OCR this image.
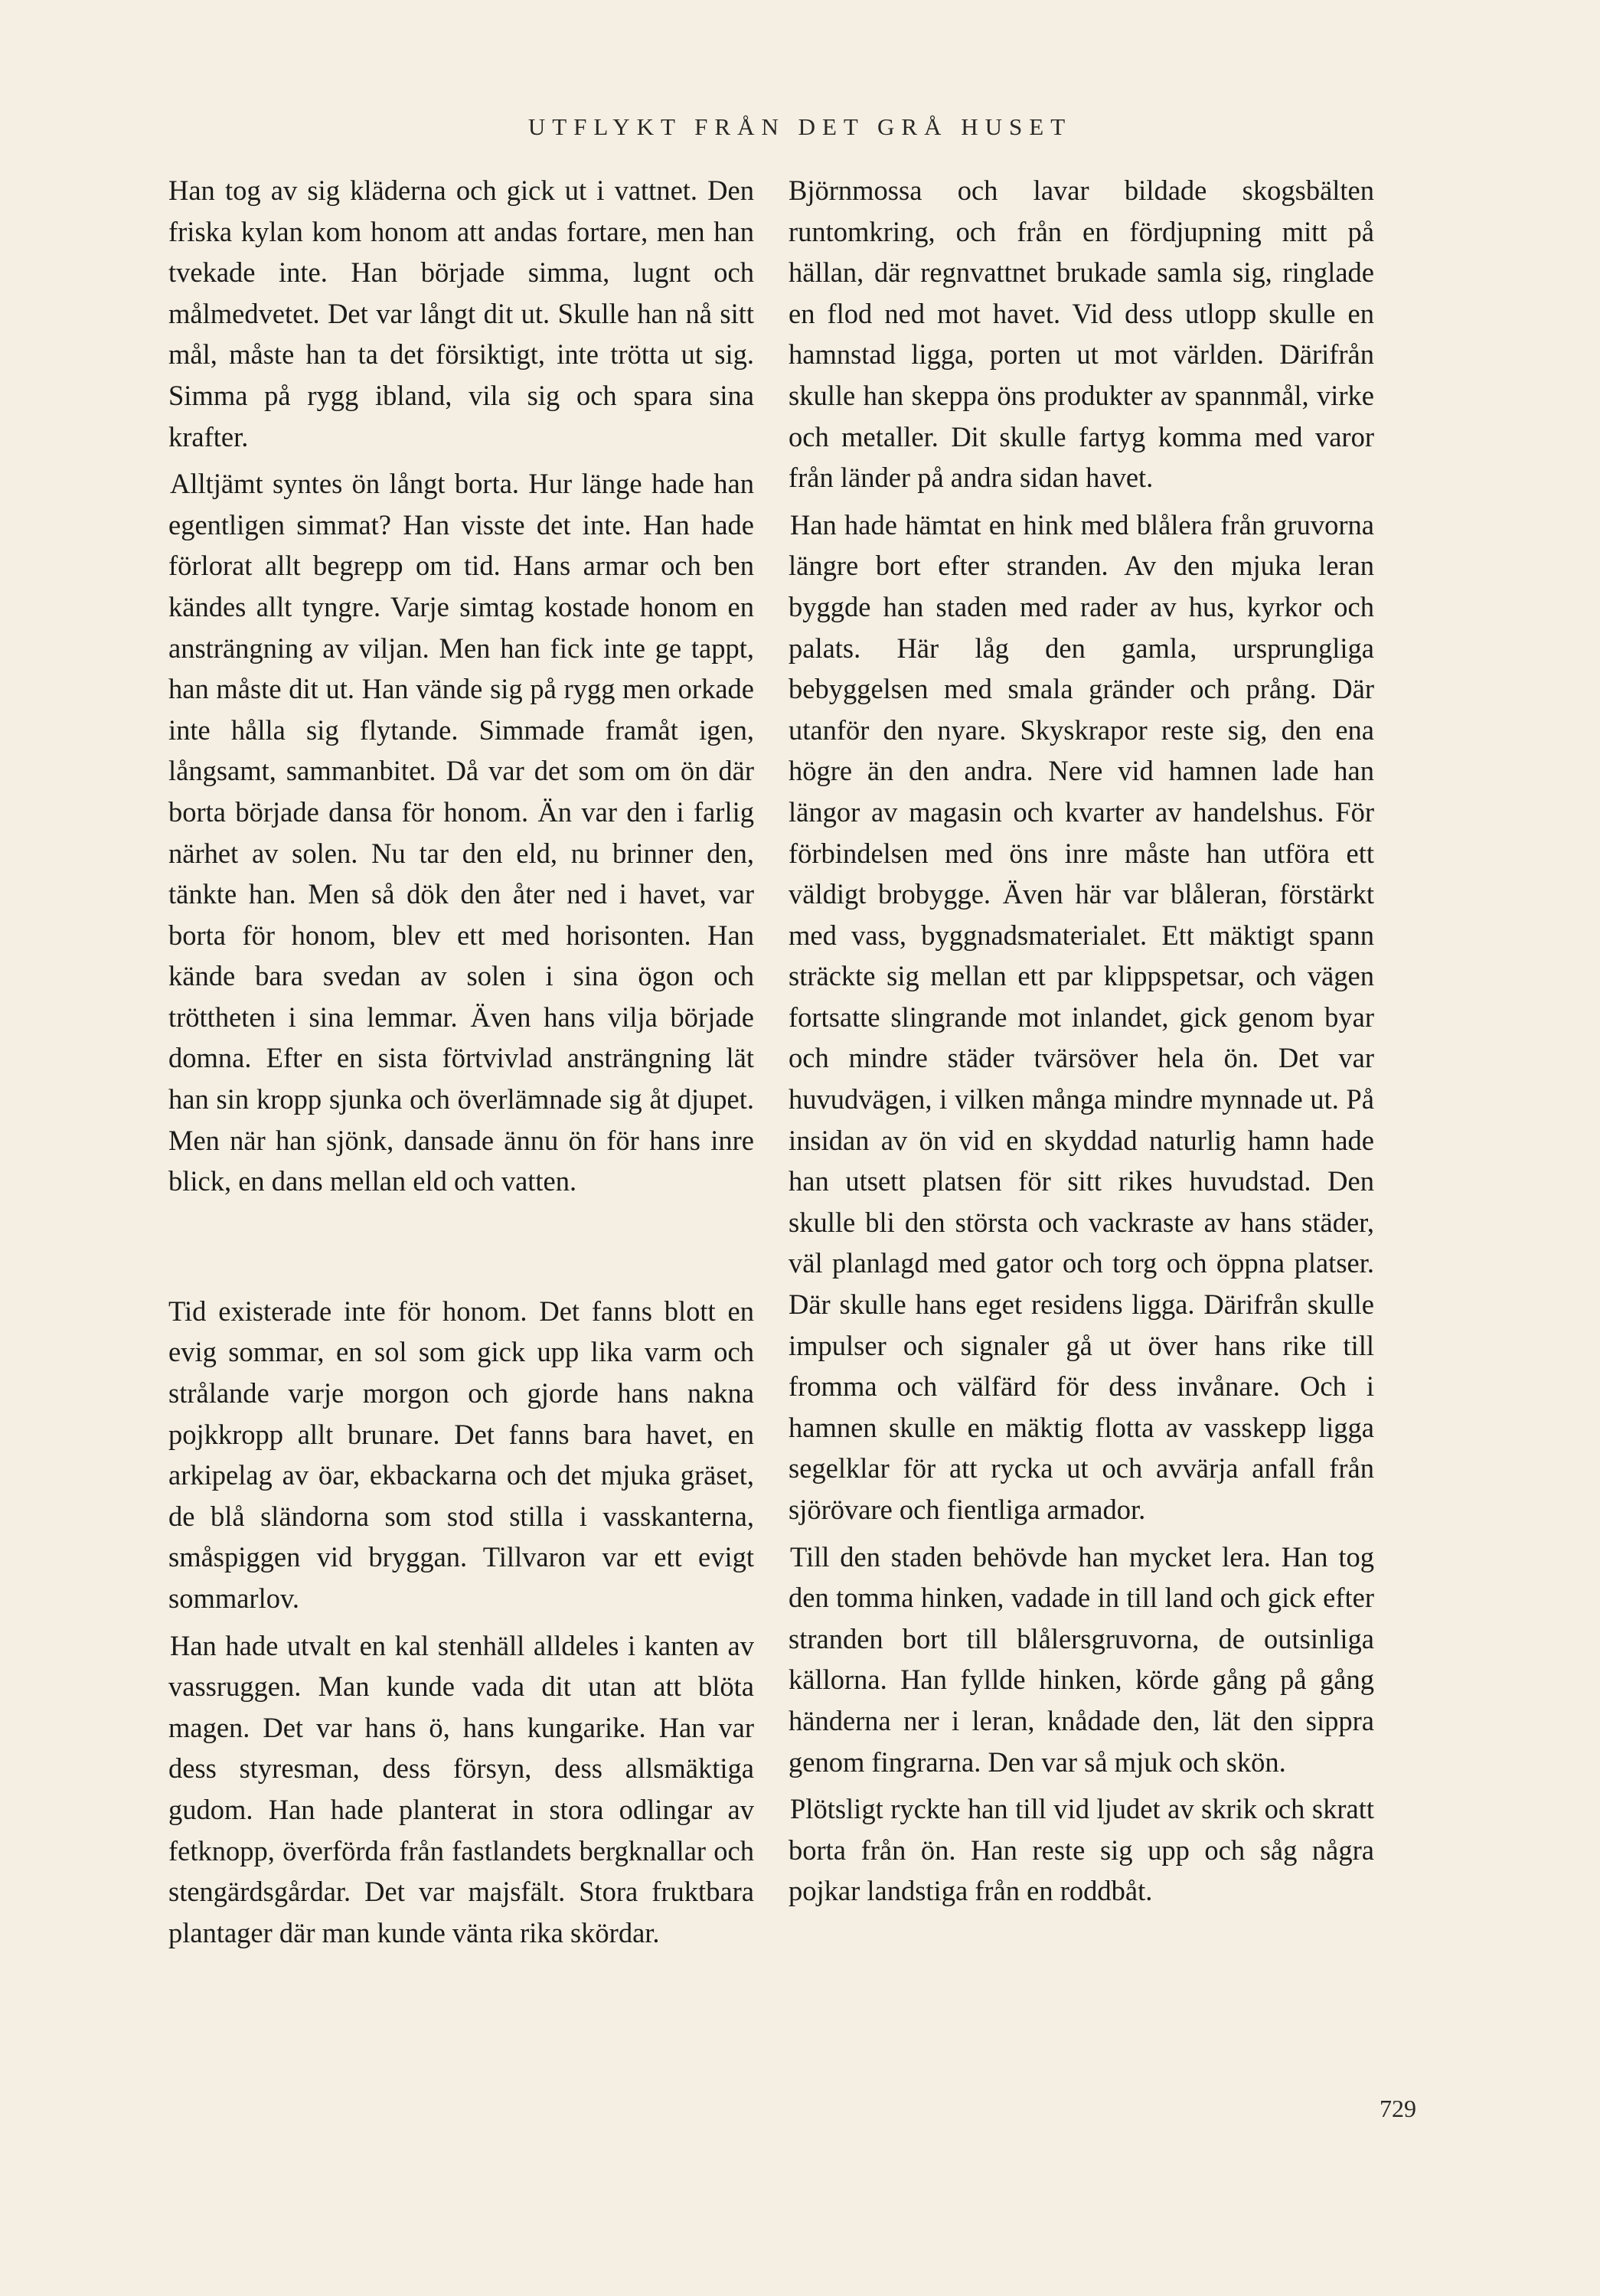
UTFLYKT FRÅN DET GRÅ HUSET

Han tog av sig kläderna och gick ut i vattnet. Den friska kylan kom honom att andas fortare, men han tvekade inte. Han började simma, lugnt och målmedvetet. Det var långt dit ut. Skulle han nå sitt mål, måste han ta det försiktigt, inte trötta ut sig. Simma på rygg ibland, vila sig och spara sina krafter.

Alltjämt syntes ön långt borta. Hur länge hade han egentligen simmat? Han visste det inte. Han hade förlorat allt begrepp om tid. Hans armar och ben kändes allt tyngre. Varje simtag kostade honom en ansträngning av viljan. Men han fick inte ge tappt, han måste dit ut. Han vände sig på rygg men orkade inte hålla sig flytande. Simmade framåt igen, långsamt, sammanbitet. Då var det som om ön där borta började dansa för honom. Än var den i farlig närhet av solen. Nu tar den eld, nu brinner den, tänkte han. Men så dök den åter ned i havet, var borta för honom, blev ett med horisonten. Han kände bara svedan av solen i sina ögon och tröttheten i sina lemmar. Även hans vilja började domna. Efter en sista förtvivlad ansträngning lät han sin kropp sjunka och överlämnade sig åt djupet. Men när han sjönk, dansade ännu ön för hans inre blick, en dans mellan eld och vatten.

Tid existerade inte för honom. Det fanns blott en evig sommar, en sol som gick upp lika varm och strålande varje morgon och gjorde hans nakna pojkkropp allt brunare. Det fanns bara havet, en arkipelag av öar, ekbackarna och det mjuka gräset, de blå sländorna som stod stilla i vasskanterna, småspiggen vid bryggan. Tillvaron var ett evigt sommarlov.

Han hade utvalt en kal stenhäll alldeles i kanten av vassruggen. Man kunde vada dit utan att blöta magen. Det var hans ö, hans kungarike. Han var dess styresman, dess försyn, dess allsmäktiga gudom. Han hade planterat in stora odlingar av fetknopp, överförda från fastlandets bergknallar och stengärdsgårdar. Det var majsfält. Stora fruktbara plantager där man kunde vänta rika skördar.

Björnmossa och lavar bildade skogsbälten runtomkring, och från en fördjupning mitt på hällan, där regnvattnet brukade samla sig, ringlade en flod ned mot havet. Vid dess utlopp skulle en hamnstad ligga, porten ut mot världen. Därifrån skulle han skeppa öns produkter av spannmål, virke och metaller. Dit skulle fartyg komma med varor från länder på andra sidan havet.

Han hade hämtat en hink med blålera från gruvorna längre bort efter stranden. Av den mjuka leran byggde han staden med rader av hus, kyrkor och palats. Här låg den gamla, ursprungliga bebyggelsen med smala gränder och prång. Där utanför den nyare. Skyskrapor reste sig, den ena högre än den andra. Nere vid hamnen lade han längor av magasin och kvarter av handelshus. För förbindelsen med öns inre måste han utföra ett väldigt brobygge. Även här var blåleran, förstärkt med vass, byggnadsmaterialet. Ett mäktigt spann sträckte sig mellan ett par klippspetsar, och vägen fortsatte slingrande mot inlandet, gick genom byar och mindre städer tvärsöver hela ön. Det var huvudvägen, i vilken många mindre mynnade ut. På insidan av ön vid en skyddad naturlig hamn hade han utsett platsen för sitt rikes huvudstad. Den skulle bli den största och vackraste av hans städer, väl planlagd med gator och torg och öppna platser. Där skulle hans eget residens ligga. Därifrån skulle impulser och signaler gå ut över hans rike till fromma och välfärd för dess invånare. Och i hamnen skulle en mäktig flotta av vasskepp ligga segelklar för att rycka ut och avvärja anfall från sjörövare och fientliga armador.

Till den staden behövde han mycket lera. Han tog den tomma hinken, vadade in till land och gick efter stranden bort till blålersgruvorna, de outsinliga källorna. Han fyllde hinken, körde gång på gång händerna ner i leran, knådade den, lät den sippra genom fingrarna. Den var så mjuk och skön.

Plötsligt ryckte han till vid ljudet av skrik och skratt borta från ön. Han reste sig upp och såg några pojkar landstiga från en roddbåt.

729
